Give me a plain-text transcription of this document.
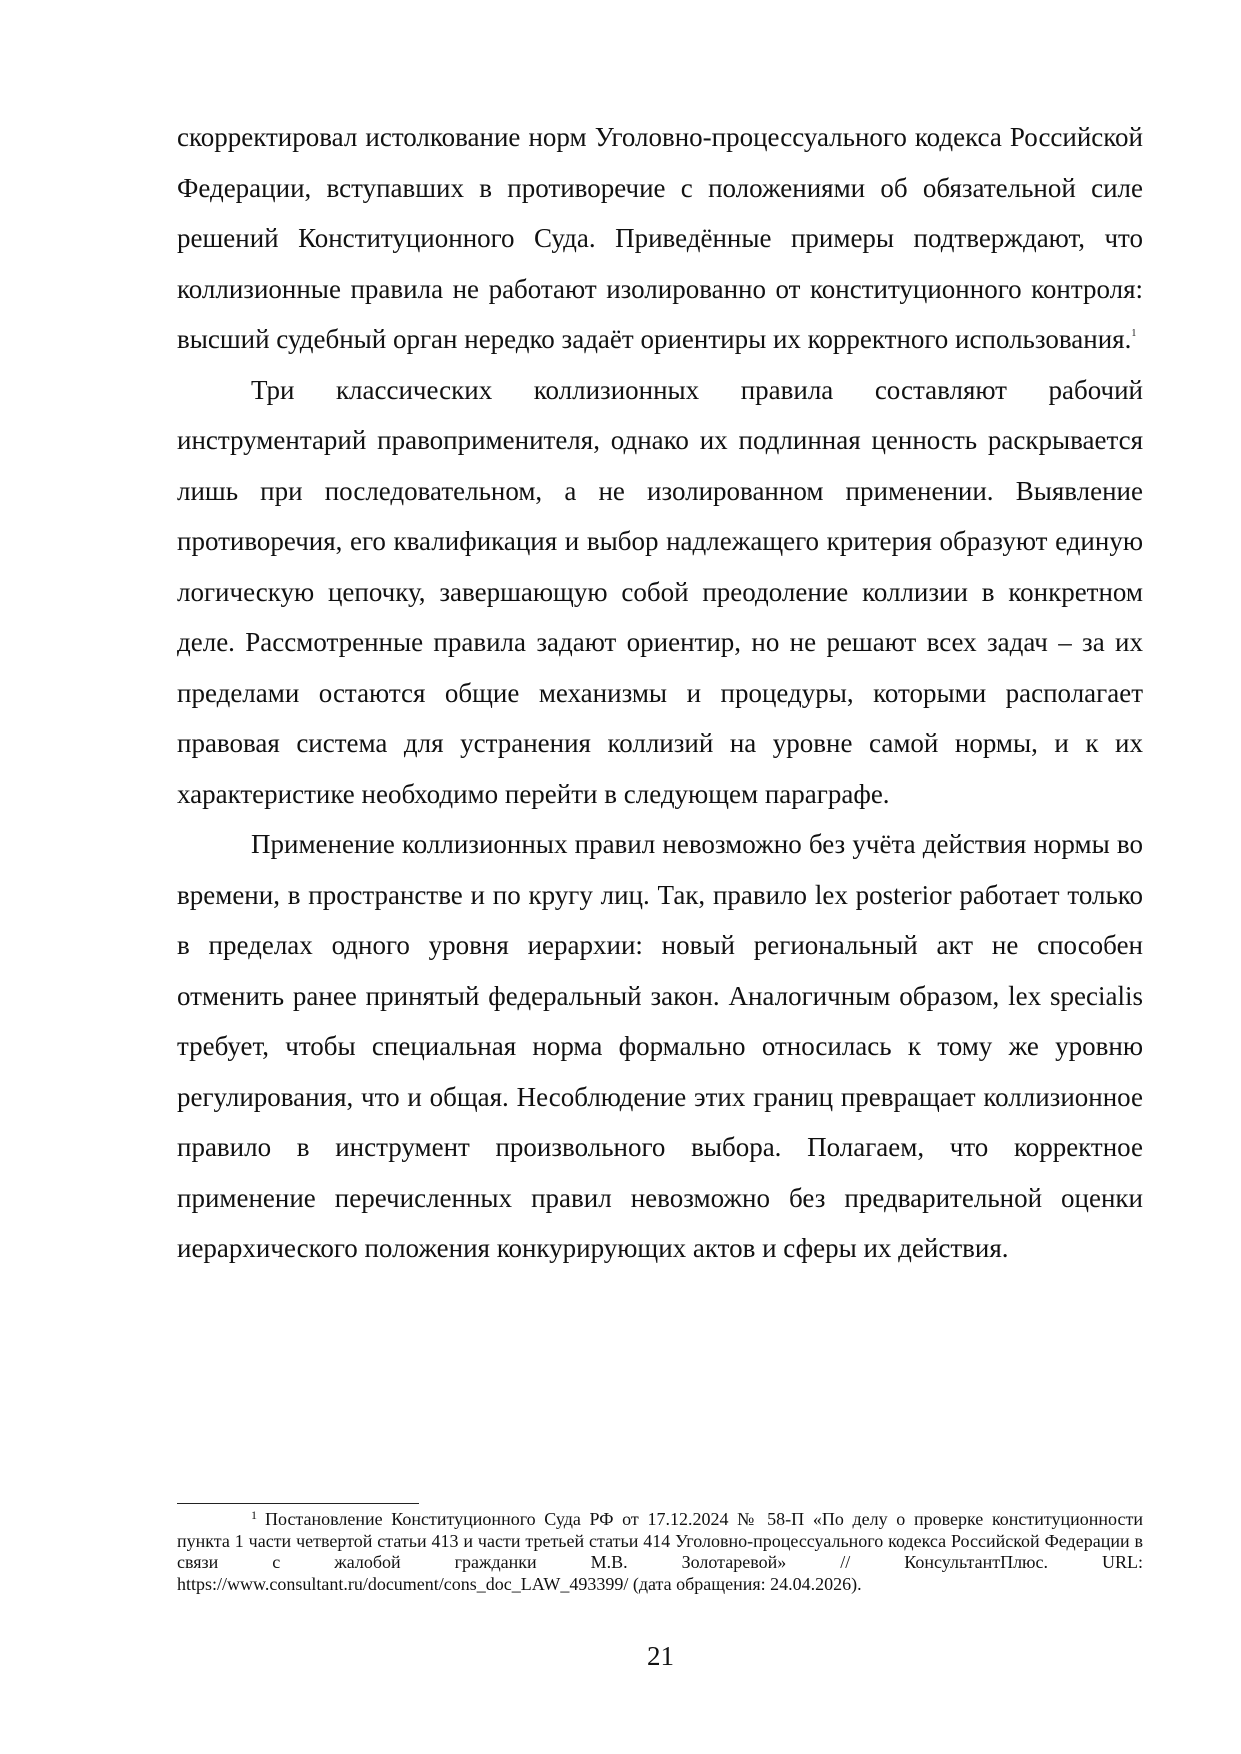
скорректировал истолкование норм Уголовно-процессуального кодекса Российской Федерации, вступавших в противоречие с положениями об обязательной силе решений Конституционного Суда. Приведённые примеры подтверждают, что коллизионные правила не работают изолированно от конституционного контроля: высший судебный орган нередко задаёт ориентиры их корректного использования.$^1$

Три классических коллизионных правила составляют рабочий инструментарий правоприменителя, однако их подлинная ценность раскрывается лишь при последовательном, а не изолированном применении. Выявление противоречия, его квалификация и выбор надлежащего критерия образуют единую логическую цепочку, завершающую собой преодоление коллизии в конкретном деле. Рассмотренные правила задают ориентир, но не решают всех задач – за их пределами остаются общие механизмы и процедуры, которыми располагает правовая система для устранения коллизий на уровне самой нормы, и к их характеристике необходимо перейти в следующем параграфе.

Применение коллизионных правил невозможно без учёта действия нормы во времени, в пространстве и по кругу лиц. Так, правило lex posterior работает только в пределах одного уровня иерархии: новый региональный акт не способен отменить ранее принятый федеральный закон. Аналогичным образом, lex specialis требует, чтобы специальная норма формально относилась к тому же уровню регулирования, что и общая. Несоблюдение этих границ превращает коллизионное правило в инструмент произвольного выбора. Полагаем, что корректное применение перечисленных правил невозможно без предварительной оценки иерархического положения конкурирующих актов и сферы их действия.

$^1$ Постановление Конституционного Суда РФ от 17.12.2024 № 58-П «По делу о проверке конституционности пункта 1 части четвертой статьи 413 и части третьей статьи 414 Уголовно-процессуального кодекса Российской Федерации в связи с жалобой гражданки М.В. Золотаревой» // КонсультантПлюс. URL: https://www.consultant.ru/document/cons_doc_LAW_493399/ (дата обращения: 24.04.2026).

21
